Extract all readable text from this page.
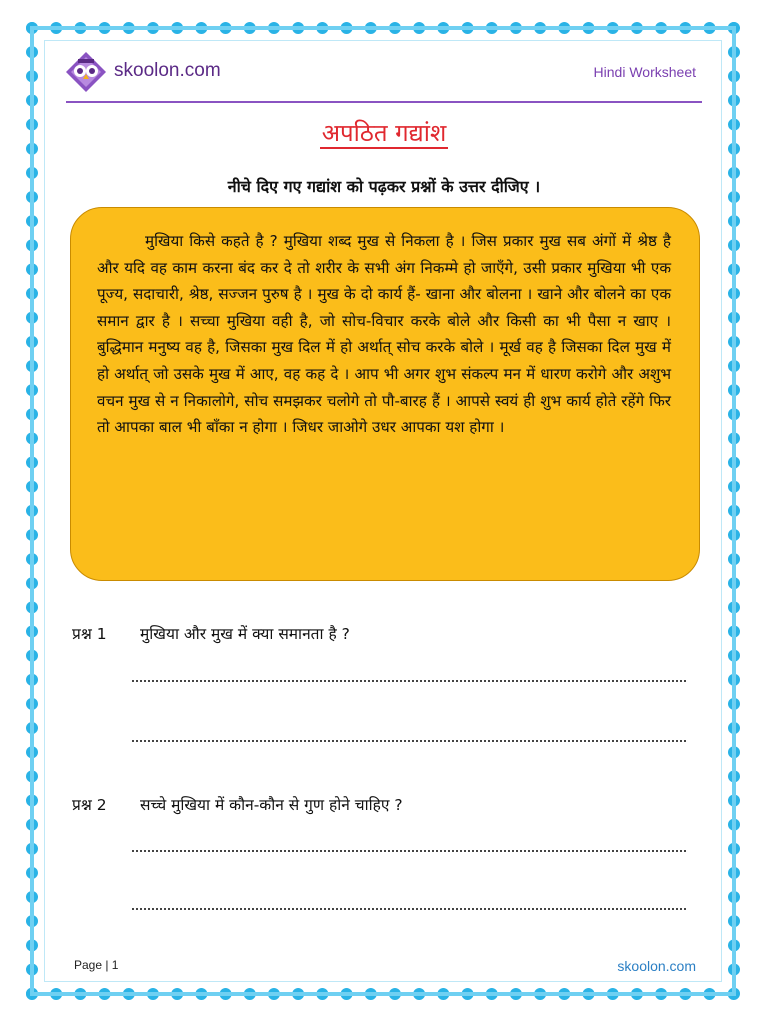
skoolon.com	Hindi Worksheet
अपठित गद्यांश
नीचे दिए गए गद्यांश को पढ़कर प्रश्नों के उत्तर दीजिए ।

मुखिया किसे कहते है ? मुखिया शब्द मुख से निकला है । जिस प्रकार मुख सब अंगों में श्रेष्ठ है और यदि वह काम करना बंद कर दे तो शरीर के सभी अंग निकम्मे हो जाएँगे, उसी प्रकार मुखिया भी एक पूज्य, सदाचारी, श्रेष्ठ, सज्जन पुरुष है । मुख के दो कार्य हैं- खाना और बोलना । खाने और बोलने का एक समान द्वार है । सच्चा मुखिया वही है, जो सोच-विचार करके बोले और किसी का भी पैसा न खाए । बुद्धिमान मनुष्य वह है, जिसका मुख दिल में हो अर्थात् सोच करके बोले । मूर्ख वह है जिसका दिल मुख में हो अर्थात् जो उसके मुख में आए, वह कह दे । आप भी अगर शुभ संकल्प मन में धारण करोगे और अशुभ वचन मुख से न निकालोगे, सोच समझकर चलोगे तो पौ-बारह हैं । आपसे स्वयं ही शुभ कार्य होते रहेंगे फिर तो आपका बाल भी बाँका न होगा । जिधर जाओगे उधर आपका यश होगा ।

प्रश्न 1 मुखिया और मुख में क्या समानता है ?
प्रश्न 2 सच्चे मुखिया में कौन-कौन से गुण होने चाहिए ?
Page | 1	skoolon.com
